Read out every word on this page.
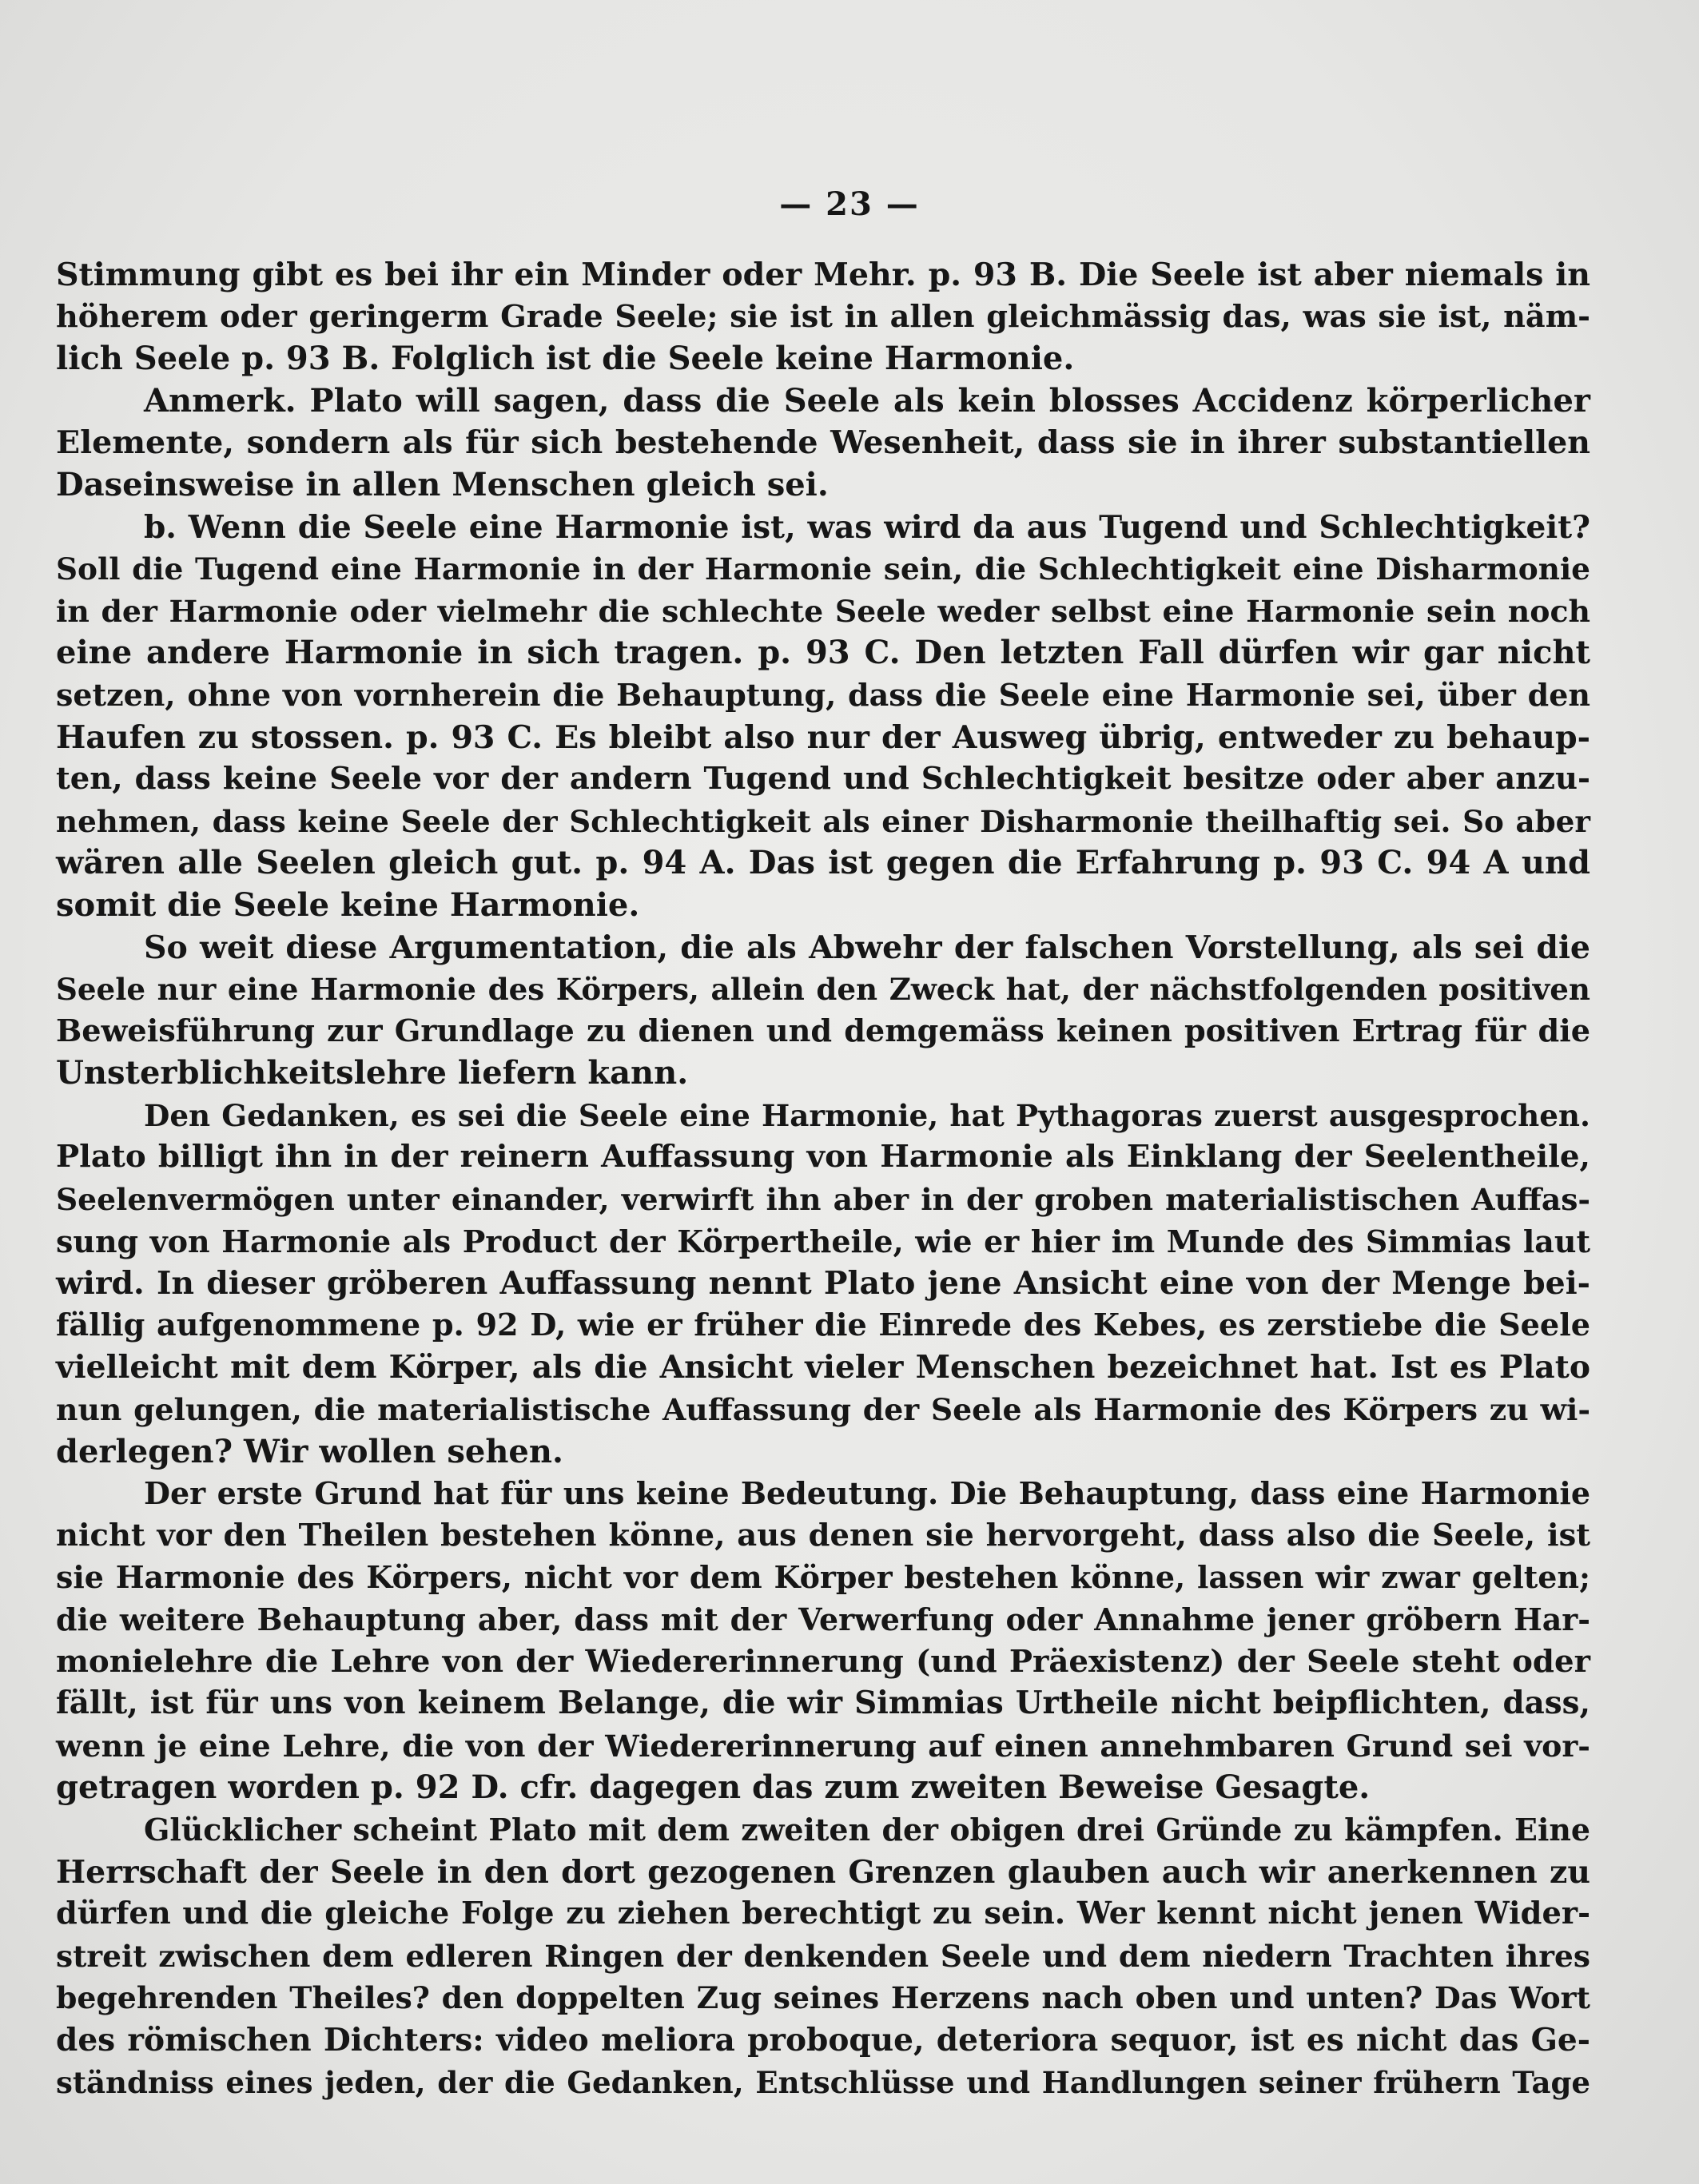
— 23 —
Stimmung gibt es bei ihr ein Minder oder Mehr. p. 93 B. Die Seele ist aber niemals in
höherem oder geringerm Grade Seele; sie ist in allen gleichmässig das, was sie ist, näm-
lich Seele p. 93 B. Folglich ist die Seele keine Harmonie.
Anmerk. Plato will sagen, dass die Seele als kein blosses Accidenz körperlicher
Elemente, sondern als für sich bestehende Wesenheit, dass sie in ihrer substantiellen
Daseinsweise in allen Menschen gleich sei.
b. Wenn die Seele eine Harmonie ist, was wird da aus Tugend und Schlechtigkeit?
Soll die Tugend eine Harmonie in der Harmonie sein, die Schlechtigkeit eine Disharmonie
in der Harmonie oder vielmehr die schlechte Seele weder selbst eine Harmonie sein noch
eine andere Harmonie in sich tragen. p. 93 C. Den letzten Fall dürfen wir gar nicht
setzen, ohne von vornherein die Behauptung, dass die Seele eine Harmonie sei, über den
Haufen zu stossen. p. 93 C. Es bleibt also nur der Ausweg übrig, entweder zu behaup-
ten, dass keine Seele vor der andern Tugend und Schlechtigkeit besitze oder aber anzu-
nehmen, dass keine Seele der Schlechtigkeit als einer Disharmonie theilhaftig sei. So aber
wären alle Seelen gleich gut. p. 94 A. Das ist gegen die Erfahrung p. 93 C. 94 A und
somit die Seele keine Harmonie.
So weit diese Argumentation, die als Abwehr der falschen Vorstellung, als sei die
Seele nur eine Harmonie des Körpers, allein den Zweck hat, der nächstfolgenden positiven
Beweisführung zur Grundlage zu dienen und demgemäss keinen positiven Ertrag für die
Unsterblichkeitslehre liefern kann.
Den Gedanken, es sei die Seele eine Harmonie, hat Pythagoras zuerst ausgesprochen.
Plato billigt ihn in der reinern Auffassung von Harmonie als Einklang der Seelentheile,
Seelenvermögen unter einander, verwirft ihn aber in der groben materialistischen Auffas-
sung von Harmonie als Product der Körpertheile, wie er hier im Munde des Simmias laut
wird. In dieser gröberen Auffassung nennt Plato jene Ansicht eine von der Menge bei-
fällig aufgenommene p. 92 D, wie er früher die Einrede des Kebes, es zerstiebe die Seele
vielleicht mit dem Körper, als die Ansicht vieler Menschen bezeichnet hat. Ist es Plato
nun gelungen, die materialistische Auffassung der Seele als Harmonie des Körpers zu wi-
derlegen? Wir wollen sehen.
Der erste Grund hat für uns keine Bedeutung. Die Behauptung, dass eine Harmonie
nicht vor den Theilen bestehen könne, aus denen sie hervorgeht, dass also die Seele, ist
sie Harmonie des Körpers, nicht vor dem Körper bestehen könne, lassen wir zwar gelten;
die weitere Behauptung aber, dass mit der Verwerfung oder Annahme jener gröbern Har-
monielehre die Lehre von der Wiedererinnerung (und Präexistenz) der Seele steht oder
fällt, ist für uns von keinem Belange, die wir Simmias Urtheile nicht beipflichten, dass,
wenn je eine Lehre, die von der Wiedererinnerung auf einen annehmbaren Grund sei vor-
getragen worden p. 92 D. cfr. dagegen das zum zweiten Beweise Gesagte.
Glücklicher scheint Plato mit dem zweiten der obigen drei Gründe zu kämpfen. Eine
Herrschaft der Seele in den dort gezogenen Grenzen glauben auch wir anerkennen zu
dürfen und die gleiche Folge zu ziehen berechtigt zu sein. Wer kennt nicht jenen Wider-
streit zwischen dem edleren Ringen der denkenden Seele und dem niedern Trachten ihres
begehrenden Theiles? den doppelten Zug seines Herzens nach oben und unten? Das Wort
des römischen Dichters: video meliora proboque, deteriora sequor, ist es nicht das Ge-
ständniss eines jeden, der die Gedanken, Entschlüsse und Handlungen seiner frühern Tage
